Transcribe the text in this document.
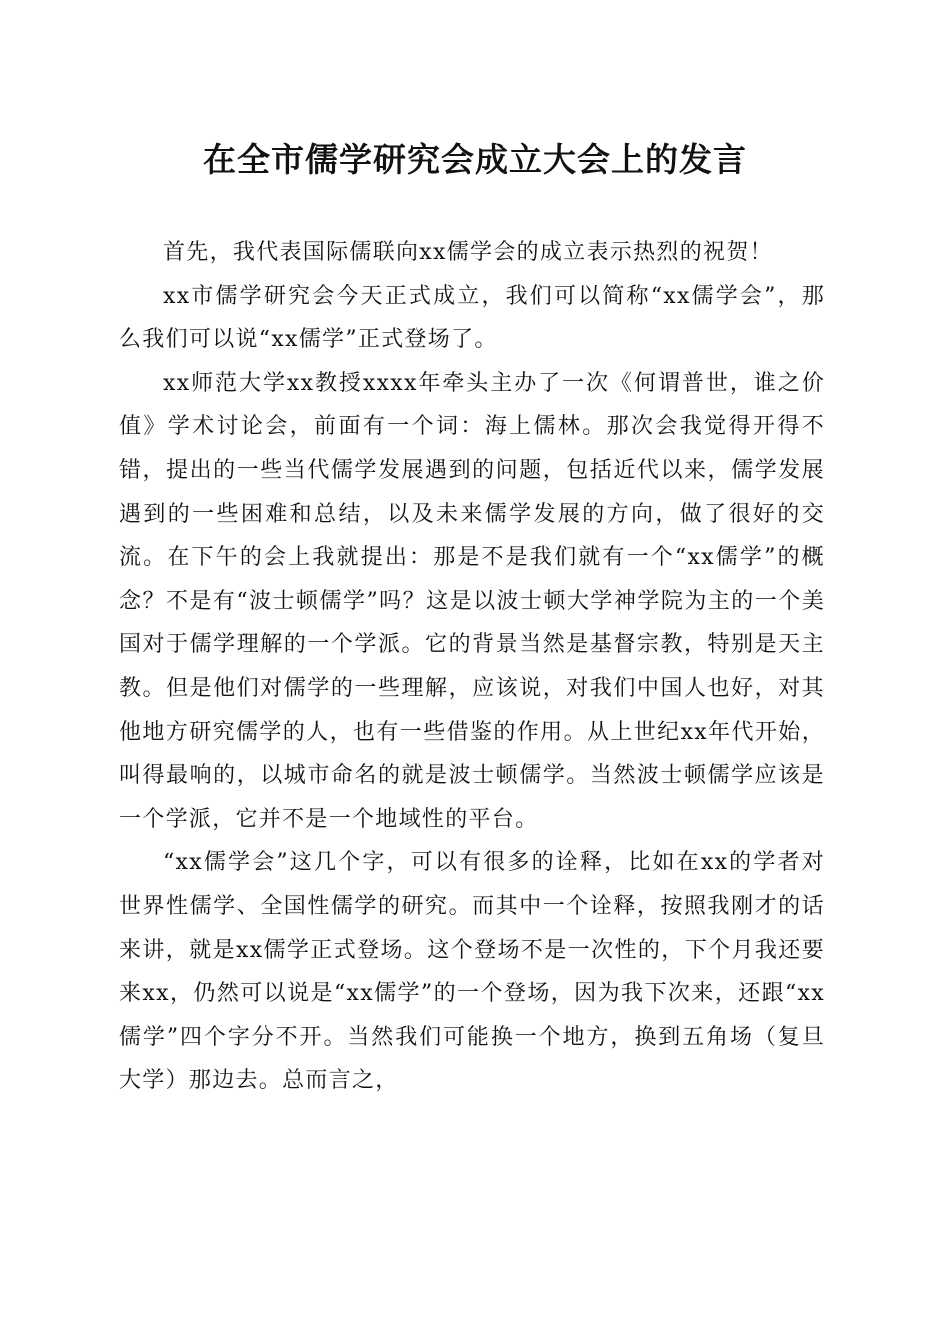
在全市儒学研究会成立大会上的发言

首先，我代表国际儒联向xx儒学会的成立表示热烈的祝贺！

xx市儒学研究会今天正式成立，我们可以简称“xx儒学会”，那么我们可以说“xx儒学”正式登场了。

xx师范大学xx教授xxxx年牵头主办了一次《何谓普世，谁之价值》学术讨论会，前面有一个词：海上儒林。那次会我觉得开得不错，提出的一些当代儒学发展遇到的问题，包括近代以来，儒学发展遇到的一些困难和总结，以及未来儒学发展的方向，做了很好的交流。在下午的会上我就提出：那是不是我们就有一个“xx儒学”的概念？不是有“波士顿儒学”吗？这是以波士顿大学神学院为主的一个美国对于儒学理解的一个学派。它的背景当然是基督宗教，特别是天主教。但是他们对儒学的一些理解，应该说，对我们中国人也好，对其他地方研究儒学的人，也有一些借鉴的作用。从上世纪xx年代开始，叫得最响的，以城市命名的就是波士顿儒学。当然波士顿儒学应该是一个学派，它并不是一个地域性的平台。

“xx儒学会”这几个字，可以有很多的诠释，比如在xx的学者对世界性儒学、全国性儒学的研究。而其中一个诠释，按照我刚才的话来讲，就是xx儒学正式登场。这个登场不是一次性的，下个月我还要来xx，仍然可以说是“xx儒学”的一个登场，因为我下次来，还跟“xx儒学”四个字分不开。当然我们可能换一个地方，换到五角场（复旦大学）那边去。总而言之，
